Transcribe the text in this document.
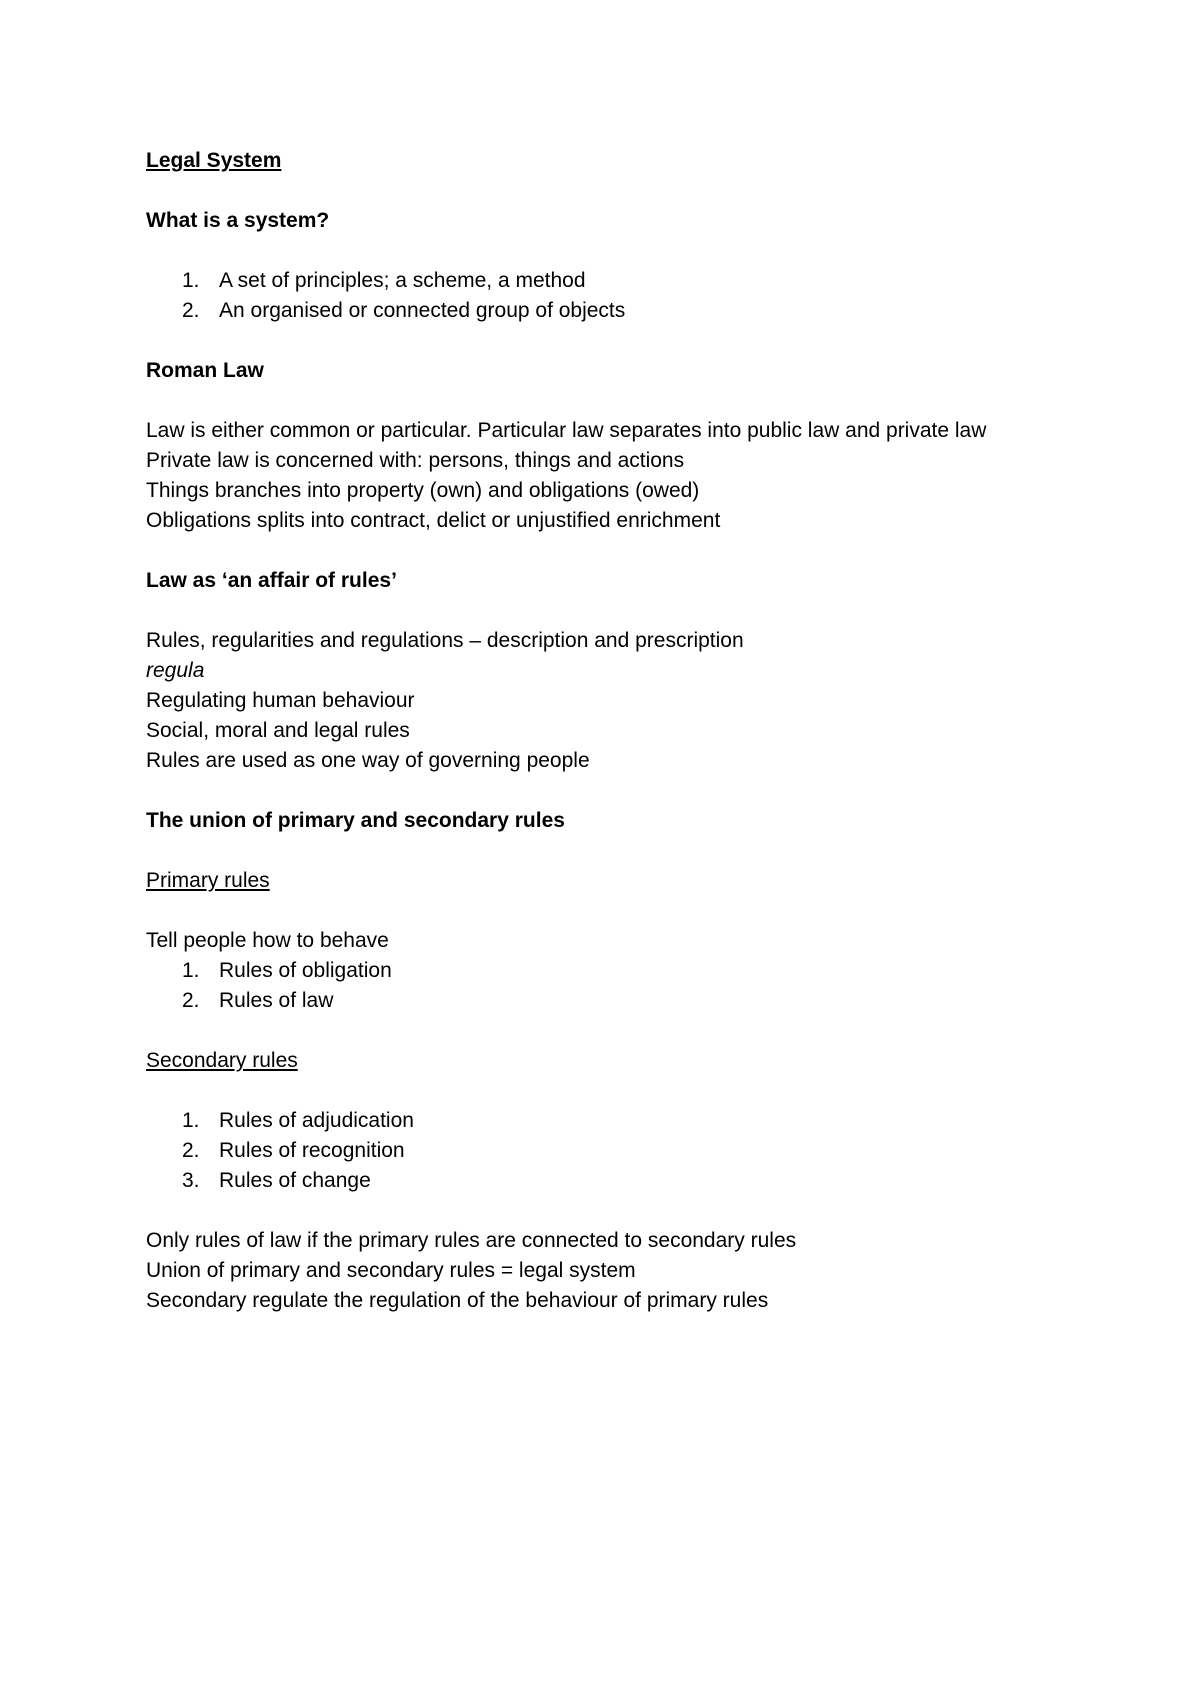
Legal System

What is a system?

1. A set of principles; a scheme, a method
2. An organised or connected group of objects

Roman Law

Law is either common or particular. Particular law separates into public law and private law

Private law is concerned with: persons, things and actions

Things branches into property (own) and obligations (owed)

Obligations splits into contract, delict or unjustified enrichment

Law as ‘an affair of rules’

Rules, regularities and regulations – description and prescription

regula

Regulating human behaviour

Social, moral and legal rules

Rules are used as one way of governing people

The union of primary and secondary rules

Primary rules

Tell people how to behave

1. Rules of obligation
2. Rules of law

Secondary rules

1. Rules of adjudication
2. Rules of recognition
3. Rules of change

Only rules of law if the primary rules are connected to secondary rules

Union of primary and secondary rules = legal system

Secondary regulate the regulation of the behaviour of primary rules
